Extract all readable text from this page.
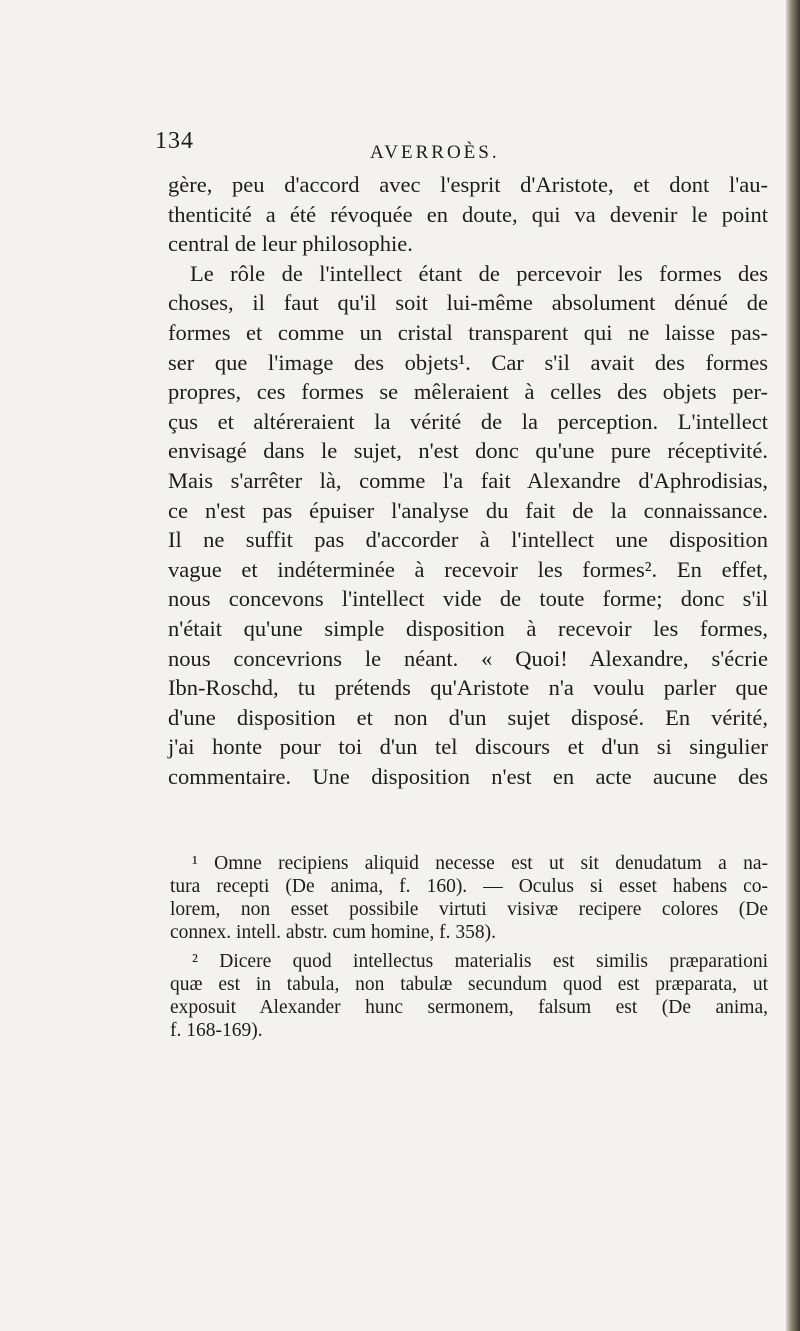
134	AVERROÈS.

gère, peu d'accord avec l'esprit d'Aristote, et dont l'au-
thenticité a été révoquée en doute, qui va devenir le point
central de leur philosophie.

Le rôle de l'intellect étant de percevoir les formes des
choses, il faut qu'il soit lui-même absolument dénué de
formes et comme un cristal transparent qui ne laisse pas-
ser que l'image des objets¹. Car s'il avait des formes
propres, ces formes se mêleraient à celles des objets per-
çus et altéreraient la vérité de la perception. L'intellect
envisagé dans le sujet, n'est donc qu'une pure réceptivité.
Mais s'arrêter là, comme l'a fait Alexandre d'Aphrodisias,
ce n'est pas épuiser l'analyse du fait de la connaissance.
Il ne suffit pas d'accorder à l'intellect une disposition
vague et indéterminée à recevoir les formes². En effet,
nous concevons l'intellect vide de toute forme; donc s'il
n'était qu'une simple disposition à recevoir les formes,
nous concevrions le néant. « Quoi! Alexandre, s'écrie
Ibn-Roschd, tu prétends qu'Aristote n'a voulu parler que
d'une disposition et non d'un sujet disposé. En vérité,
j'ai honte pour toi d'un tel discours et d'un si singulier
commentaire. Une disposition n'est en acte aucune des

¹ Omne recipiens aliquid necesse est ut sit denudatum a na-
tura recepti (De anima, f. 160). — Oculus si esset habens co-
lorem, non esset possibile virtuti visivæ recipere colores (De
connex. intell. abstr. cum homine, f. 358).
² Dicere quod intellectus materialis est similis præparationi
quæ est in tabula, non tabulæ secundum quod est præparata, ut
exposuit Alexander hunc sermonem, falsum est (De anima,
f. 168-169).
